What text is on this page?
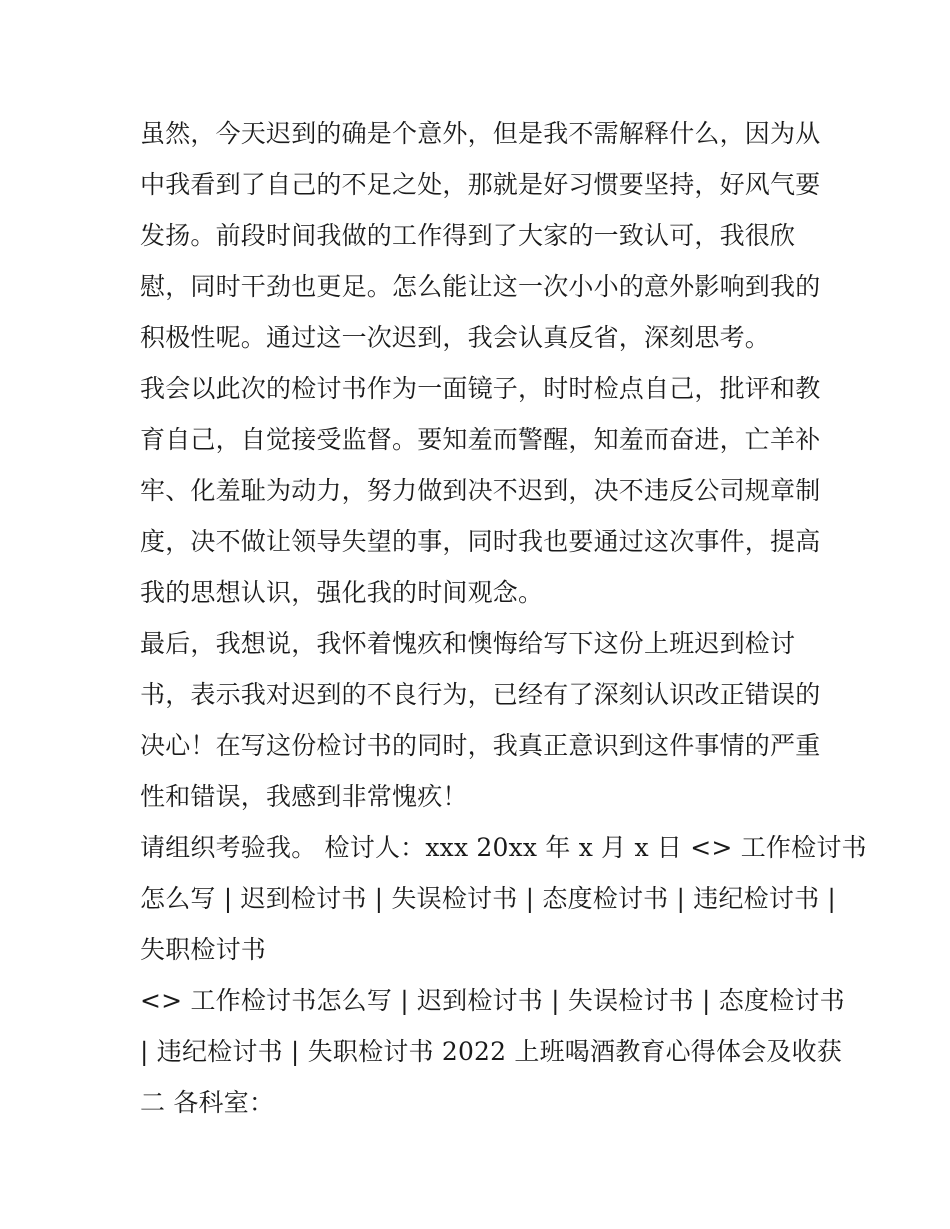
虽然，今天迟到的确是个意外，但是我不需解释什么，因为从
中我看到了自己的不足之处，那就是好习惯要坚持，好风气要
发扬。前段时间我做的工作得到了大家的一致认可，我很欣
慰，同时干劲也更足。怎么能让这一次小小的意外影响到我的
积极性呢。通过这一次迟到，我会认真反省，深刻思考。
我会以此次的检讨书作为一面镜子，时时检点自己，批评和教
育自己，自觉接受监督。要知羞而警醒，知羞而奋进，亡羊补
牢、化羞耻为动力，努力做到决不迟到，决不违反公司规章制
度，决不做让领导失望的事，同时我也要通过这次事件，提高
我的思想认识，强化我的时间观念。
最后，我想说，我怀着愧疚和懊悔给写下这份上班迟到检讨
书，表示我对迟到的不良行为，已经有了深刻认识改正错误的
决心！在写这份检讨书的同时，我真正意识到这件事情的严重
性和错误，我感到非常愧疚！
请组织考验我。 检讨人：xxx 20xx 年 x 月 x 日 <> 工作检讨书
怎么写 | 迟到检讨书 | 失误检讨书 | 态度检讨书 | 违纪检讨书 |
失职检讨书
<> 工作检讨书怎么写 | 迟到检讨书 | 失误检讨书 | 态度检讨书
| 违纪检讨书 | 失职检讨书 2022 上班喝酒教育心得体会及收获
二 各科室：
